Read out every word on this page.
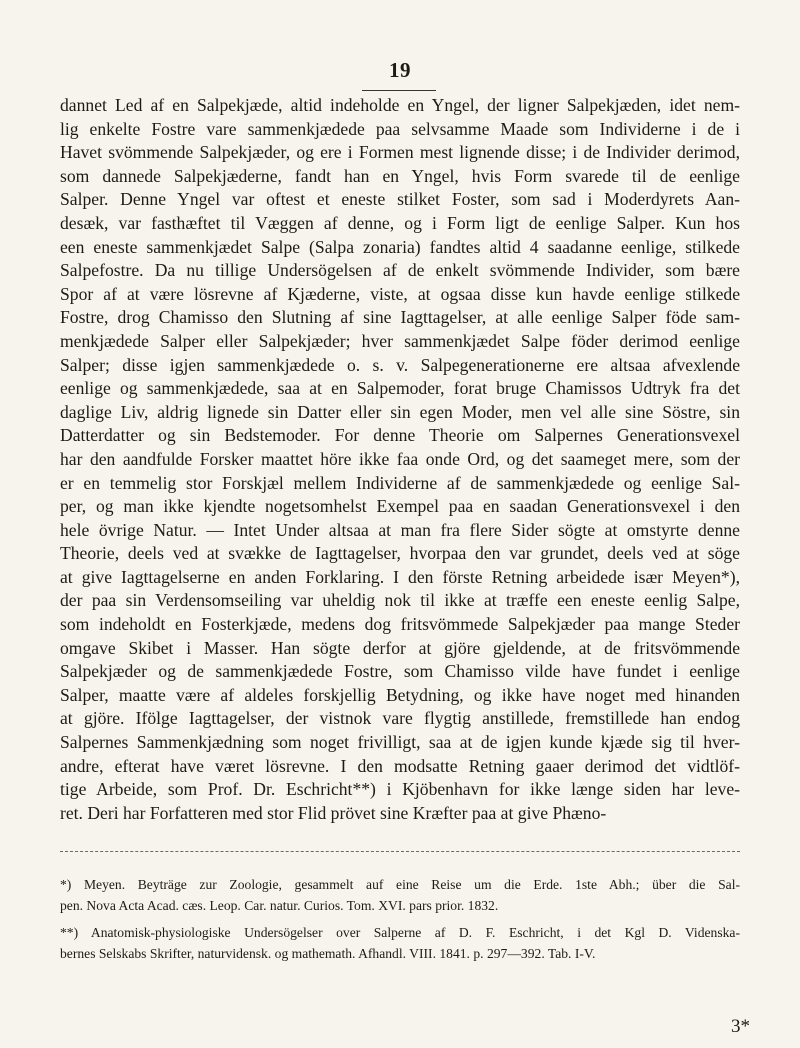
19
dannet Led af en Salpekjæde, altid indeholde en Yngel, der ligner Salpekjæden, idet nem-
lig enkelte Fostre vare sammenkjædede paa selvsamme Maade som Individerne i de i
Havet svömmende Salpekjæder, og ere i Formen mest lignende disse; i de Individer derimod,
som dannede Salpekjæderne, fandt han en Yngel, hvis Form svarede til de eenlige
Salper. Denne Yngel var oftest et eneste stilket Foster, som sad i Moderdyrets Aan-
desæk, var fasthæftet til Væggen af denne, og i Form ligt de eenlige Salper. Kun hos
een eneste sammenkjædet Salpe (Salpa zonaria) fandtes altid 4 saadanne eenlige, stilkede
Salpefostre. Da nu tillige Undersögelsen af de enkelt svömmende Individer, som bære
Spor af at være lösrevne af Kjæderne, viste, at ogsaa disse kun havde eenlige stilkede
Fostre, drog Chamisso den Slutning af sine Iagttagelser, at alle eenlige Salper föde sam-
menkjædede Salper eller Salpekjæder; hver sammenkjædet Salpe föder derimod eenlige
Salper; disse igjen sammenkjædede o. s. v. Salpegenerationerne ere altsaa afvexlende
eenlige og sammenkjædede, saa at en Salpemoder, forat bruge Chamissos Udtryk fra det
daglige Liv, aldrig lignede sin Datter eller sin egen Moder, men vel alle sine Söstre, sin
Datterdatter og sin Bedstemoder. For denne Theorie om Salpernes Generationsvexel
har den aandfulde Forsker maattet höre ikke faa onde Ord, og det saameget mere, som der
er en temmelig stor Forskjæl mellem Individerne af de sammenkjædede og eenlige Sal-
per, og man ikke kjendte nogetsomhelst Exempel paa en saadan Generationsvexel i den
hele övrige Natur. — Intet Under altsaa at man fra flere Sider sögte at omstyrte denne
Theorie, deels ved at svække de Iagttagelser, hvorpaa den var grundet, deels ved at söge
at give Iagttagelserne en anden Forklaring. I den förste Retning arbeidede især Meyen*),
der paa sin Verdensomseiling var uheldig nok til ikke at træffe een eneste eenlig Salpe,
som indeholdt en Fosterkjæde, medens dog fritsvömmede Salpekjæder paa mange Steder
omgave Skibet i Masser. Han sögte derfor at gjöre gjeldende, at de fritsvömmende
Salpekjæder og de sammenkjædede Fostre, som Chamisso vilde have fundet i eenlige
Salper, maatte være af aldeles forskjellig Betydning, og ikke have noget med hinanden
at gjöre. Ifölge Iagttagelser, der vistnok vare flygtig anstillede, fremstillede han endog
Salpernes Sammenkjædning som noget frivilligt, saa at de igjen kunde kjæde sig til hver-
andre, efterat have været lösrevne. I den modsatte Retning gaaer derimod det vidtlöf-
tige Arbeide, som Prof. Dr. Eschricht**) i Kjöbenhavn for ikke længe siden har leve-
ret. Deri har Forfatteren med stor Flid prövet sine Kræfter paa at give Phæno-
*) Meyen. Beyträge zur Zoologie, gesammelt auf eine Reise um die Erde. 1ste Abh.; über die Sal-
pen. Nova Acta Acad. cæs. Leop. Car. natur. Curios. Tom. XVI. pars prior. 1832.
**) Anatomisk-physiologiske Undersögelser over Salperne af D. F. Eschricht, i det Kgl D. Videnska-
bernes Selskabs Skrifter, naturvidensk. og mathemath. Afhandl. VIII. 1841. p. 297—392. Tab. I-V.
3*
